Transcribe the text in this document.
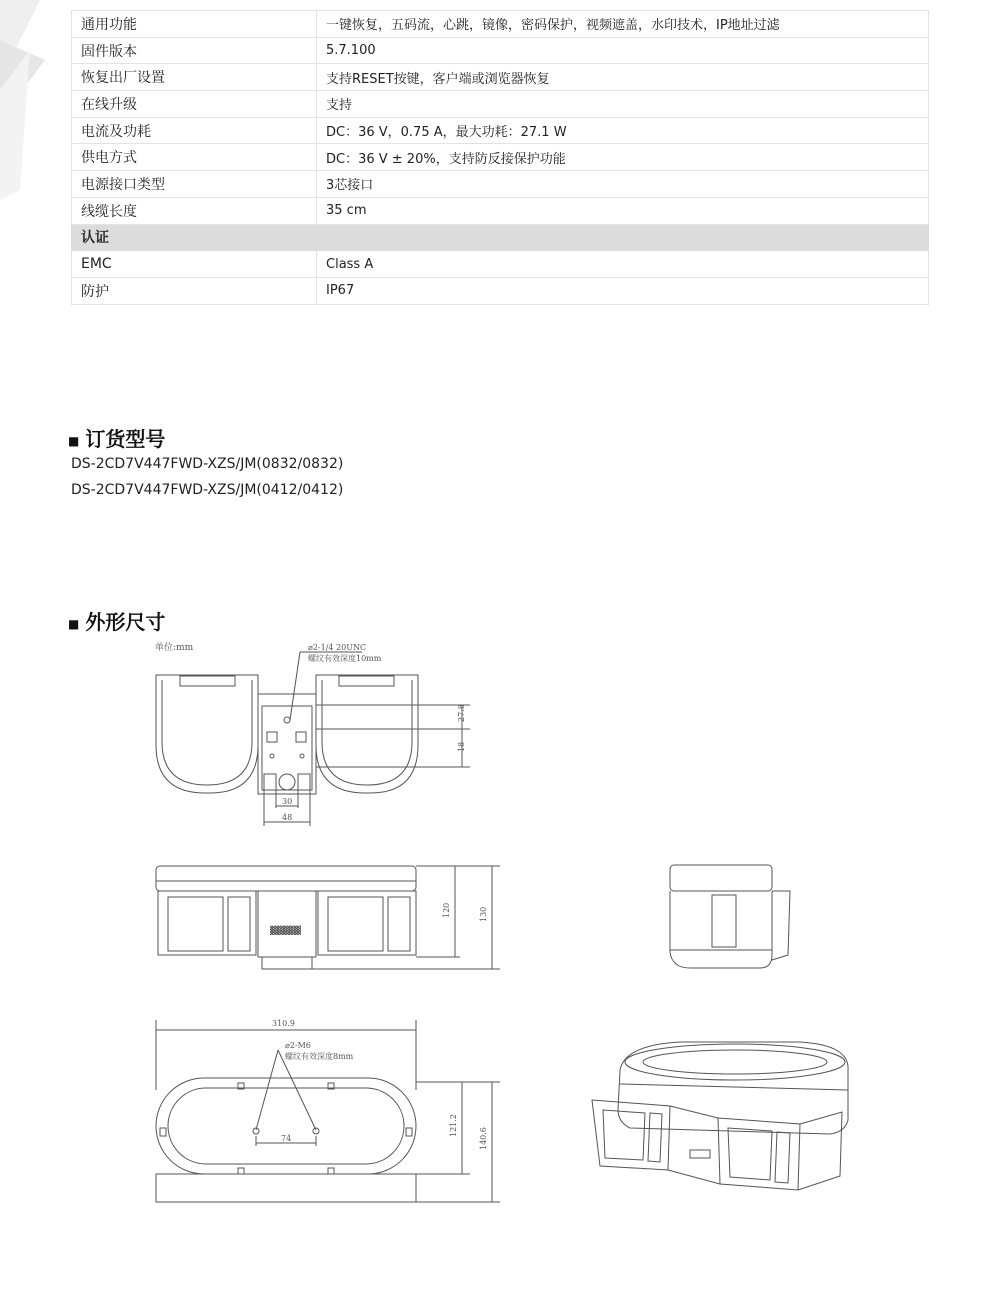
通用功能	一键恢复，五码流，心跳，镜像，密码保护，视频遮盖，水印技术，IP地址过滤
固件版本	5.7.100
恢复出厂设置	支持RESET按键，客户端或浏览器恢复
在线升级	支持
电流及功耗	DC：36 V，0.75 A，最大功耗：27.1 W
供电方式	DC：36 V ± 20%，支持防反接保护功能
电源接口类型	3芯接口
线缆长度	35 cm
认证	
EMC	Class A
防护	IP67
■ 订货型号
DS-2CD7V447FWD-XZS/JM(0832/0832)
DS-2CD7V447FWD-XZS/JM(0412/0412)
■ 外形尺寸
单位:mm	⌀2-1/4 20UNC
螺纹有效深度10mm
27.8
18
30
48
▓▓▓▓▓
120	130
310.9
⌀2-M6
螺纹有效深度8mm
74
121.2
140.6
